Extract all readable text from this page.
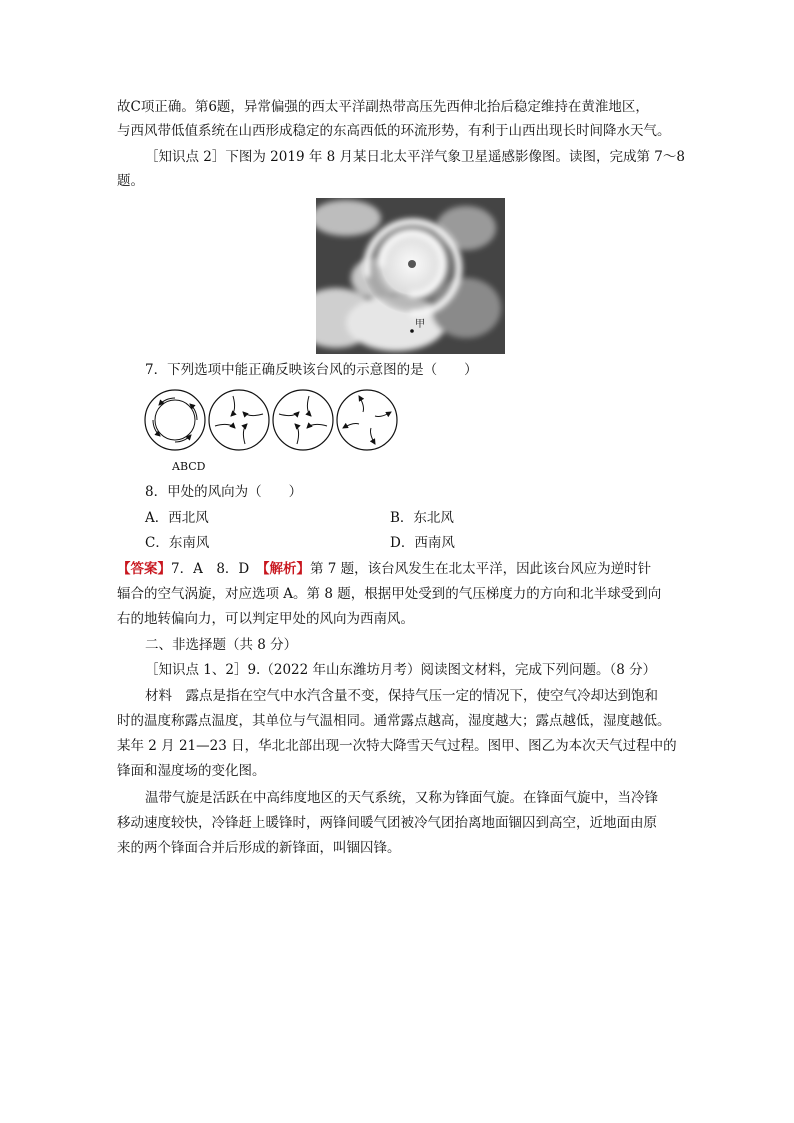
故C项正确。第6题，异常偏强的西太平洋副热带高压先西伸北抬后稳定维持在黄淮地区，
与西风带低值系统在山西形成稳定的东高西低的环流形势，有利于山西出现长时间降水天气。
［知识点 2］下图为 2019 年 8 月某日北太平洋气象卫星遥感影像图。读图，完成第 7～8
题。
甲
7．下列选项中能正确反映该台风的示意图的是（　　）
ABCD
8．甲处的风向为（　　）
A．西北风	B．东北风
C．东南风	D．西南风
【答案】7．A　8．D　【解析】第 7 题，该台风发生在北太平洋，因此该台风应为逆时针
辐合的空气涡旋，对应选项 A。第 8 题，根据甲处受到的气压梯度力的方向和北半球受到向
右的地转偏向力，可以判定甲处的风向为西南风。
二、非选择题（共 8 分）
［知识点 1、2］9.（2022 年山东潍坊月考）阅读图文材料，完成下列问题。（8 分）
材料　露点是指在空气中水汽含量不变，保持气压一定的情况下，使空气冷却达到饱和
时的温度称露点温度，其单位与气温相同。通常露点越高，湿度越大；露点越低，湿度越低。
某年 2 月 21—23 日，华北北部出现一次特大降雪天气过程。图甲、图乙为本次天气过程中的
锋面和湿度场的变化图。
温带气旋是活跃在中高纬度地区的天气系统，又称为锋面气旋。在锋面气旋中，当冷锋
移动速度较快，冷锋赶上暖锋时，两锋间暖气团被冷气团抬离地面锢囚到高空，近地面由原
来的两个锋面合并后形成的新锋面，叫锢囚锋。
